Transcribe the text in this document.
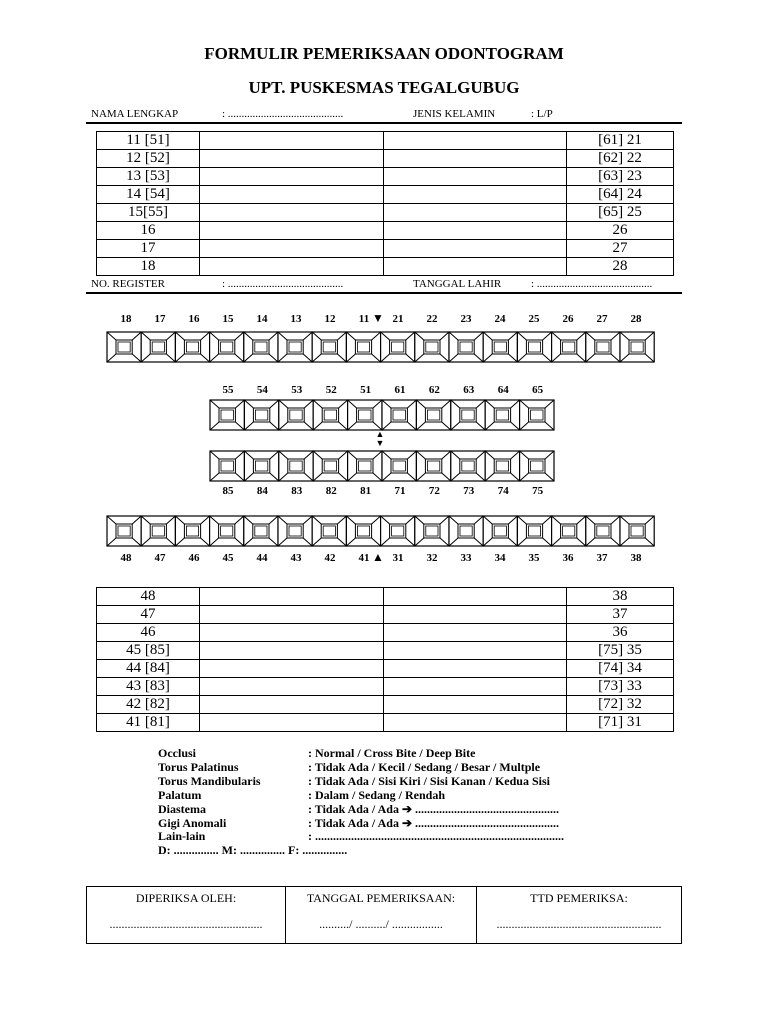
FORMULIR PEMERIKSAAN ODONTOGRAM
UPT. PUSKESMAS TEGALGUBUG
NAMA LENGKAP	: ..........................................	JENIS KELAMIN	: L/P
11 [51]			[61] 21
12 [52]			[62] 22
13 [53]			[63] 23
14 [54]			[64] 24
15[55]			[65] 25
16			26
17			27
18			28
NO. REGISTER	: ..........................................	TANGGAL LAHIR	: ..........................................
18	17	16	15	14	13	12	11	21	22	23	24	25	26	27	28
▼
55	54	53	52	51	61	62	63	64	65
▲
▼
85	84	83	82	81	71	72	73	74	75
48	47	46	45	44	43	42	41	31	32	33	34	35	36	37	38
▲
48			38
47			37
46			36
45 [85]			[75] 35
44 [84]			[74] 34
43 [83]			[73] 33
42 [82]			[72] 32
41 [81]			[71] 31
Occlusi	: Normal / Cross Bite / Deep Bite
Torus Palatinus	: Tidak Ada / Kecil / Sedang / Besar / Multple
Torus Mandibularis	: Tidak Ada / Sisi Kiri / Sisi Kanan / Kedua Sisi
Palatum	: Dalam / Sedang / Rendah
Diastema	: Tidak Ada / Ada ➔ ................................................
Gigi Anomali	: Tidak Ada / Ada ➔ ................................................
Lain-lain	: ...................................................................................
D: ............... M: ............... F: ...............
DIPERIKSA OLEH:
...................................................

TANGGAL PEMERIKSAAN:
........../ ........../ .................

TTD PEMERIKSA:
.......................................................
